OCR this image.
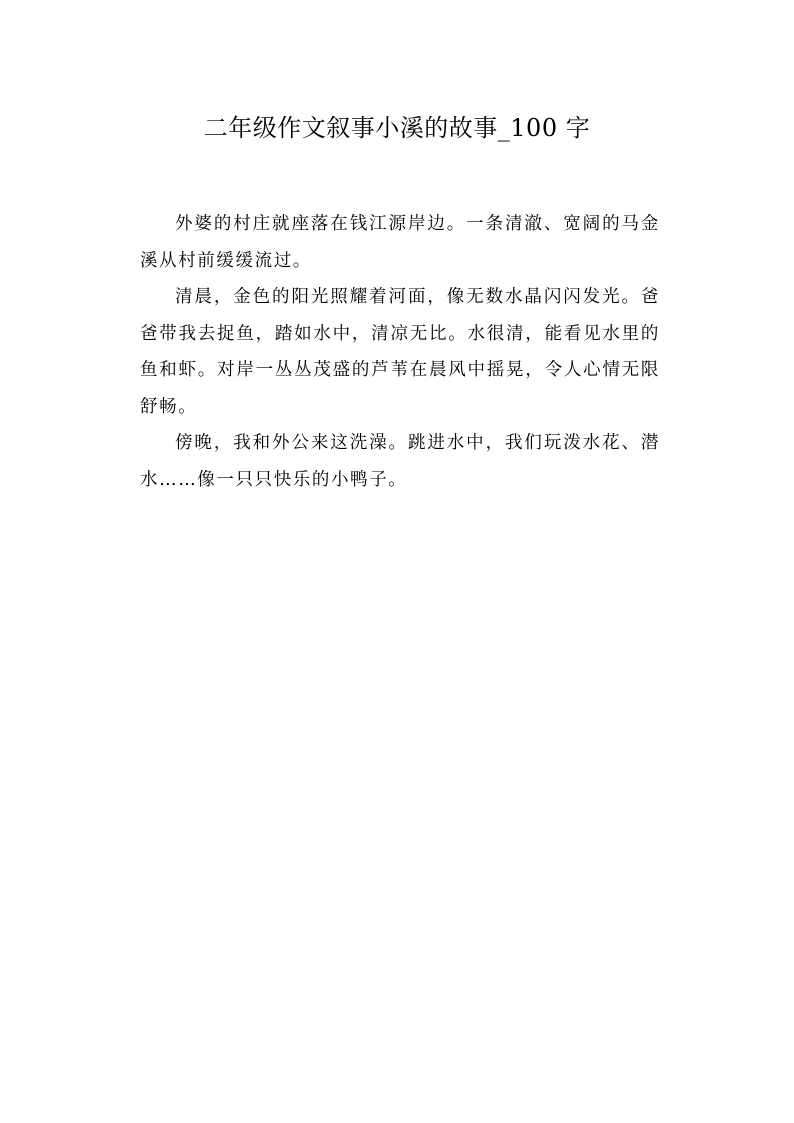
二年级作文叙事小溪的故事_100 字

外婆的村庄就座落在钱江源岸边。一条清澈、宽阔的马金溪从村前缓缓流过。

清晨，金色的阳光照耀着河面，像无数水晶闪闪发光。爸爸带我去捉鱼，踏如水中，清凉无比。水很清，能看见水里的鱼和虾。对岸一丛丛茂盛的芦苇在晨风中摇晃，令人心情无限舒畅。

傍晚，我和外公来这洗澡。跳进水中，我们玩泼水花、潜水……像一只只快乐的小鸭子。
